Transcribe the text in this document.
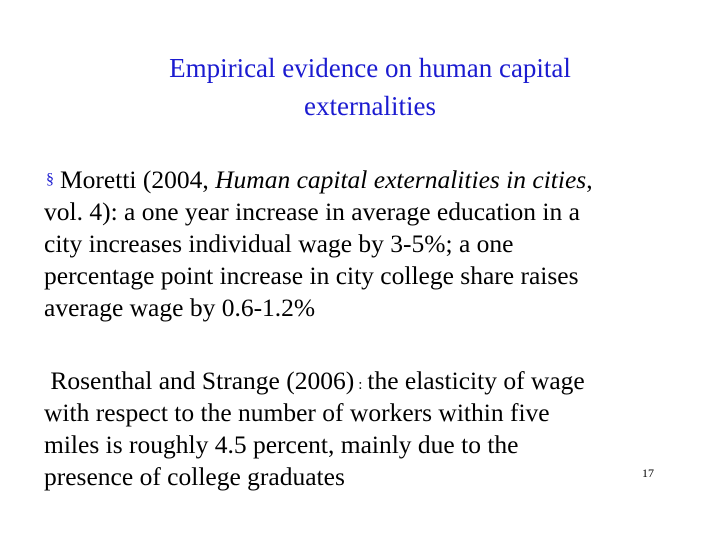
Empirical evidence on human capital
externalities
§ Moretti (2004, Human capital externalities in cities,
vol. 4): a one year increase in average education in a
city increases individual wage by 3-5%; a one
percentage point increase in city college share raises
average wage by 0.6-1.2%
Rosenthal and Strange (2006) : the elasticity of wage
with respect to the number of workers within five
miles is roughly 4.5 percent, mainly due to the
presence of college graduates	17
